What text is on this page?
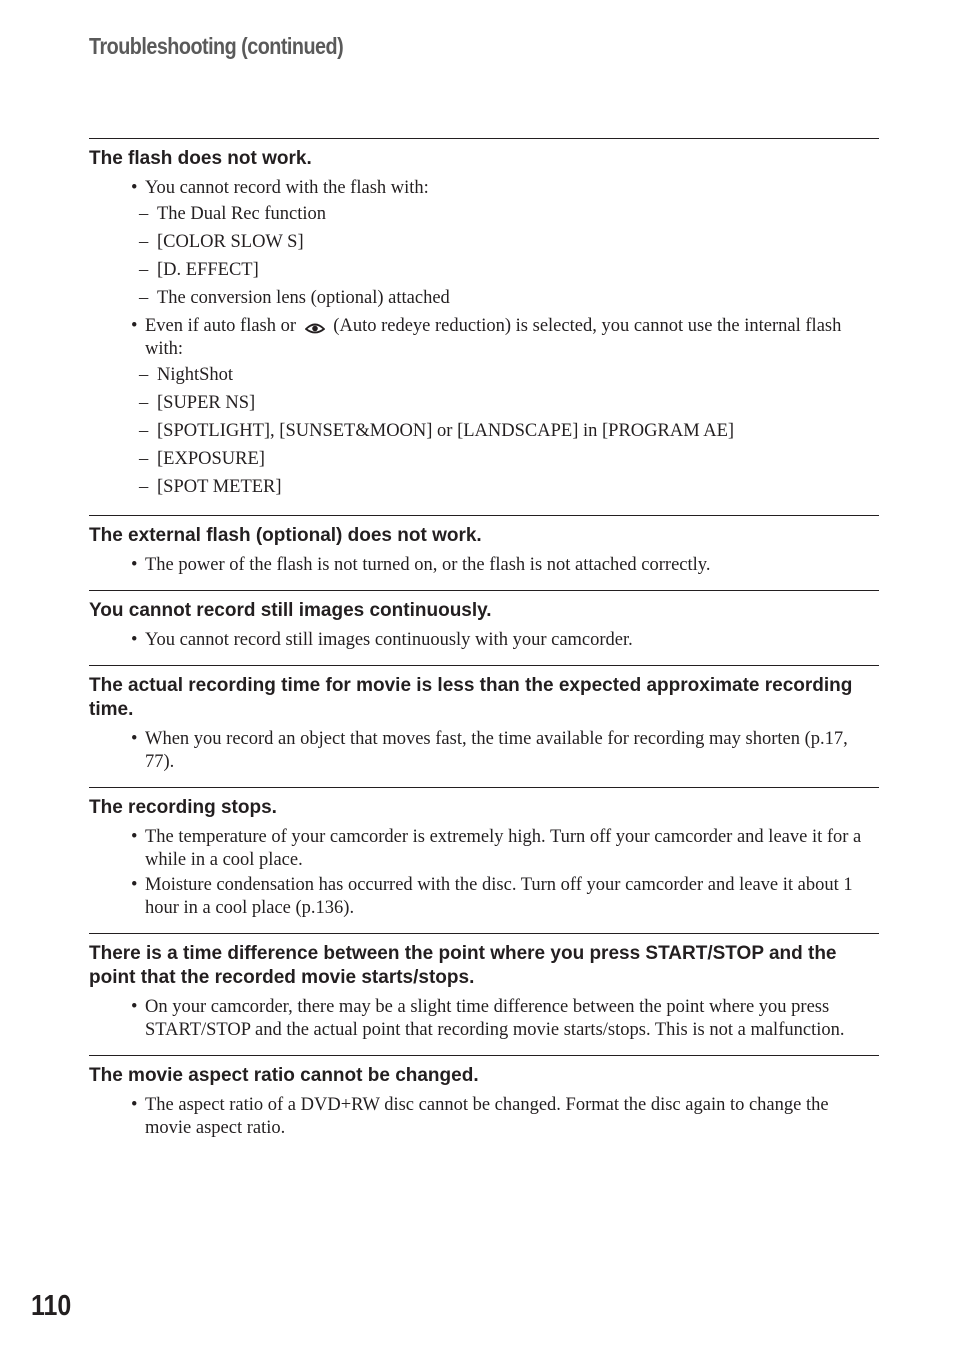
Troubleshooting (continued)
The flash does not work.
• You cannot record with the flash with:
– The Dual Rec function
– [COLOR SLOW S]
– [D. EFFECT]
– The conversion lens (optional) attached
• Even if auto flash or (Auto redeye reduction) is selected, you cannot use the internal flash with:
– NightShot
– [SUPER NS]
– [SPOTLIGHT], [SUNSET&MOON] or [LANDSCAPE] in [PROGRAM AE]
– [EXPOSURE]
– [SPOT METER]
The external flash (optional) does not work.
• The power of the flash is not turned on, or the flash is not attached correctly.
You cannot record still images continuously.
• You cannot record still images continuously with your camcorder.
The actual recording time for movie is less than the expected approximate recording time.
• When you record an object that moves fast, the time available for recording may shorten (p.17, 77).
The recording stops.
• The temperature of your camcorder is extremely high. Turn off your camcorder and leave it for a while in a cool place.
• Moisture condensation has occurred with the disc. Turn off your camcorder and leave it about 1 hour in a cool place (p.136).
There is a time difference between the point where you press START/STOP and the point that the recorded movie starts/stops.
• On your camcorder, there may be a slight time difference between the point where you press START/STOP and the actual point that recording movie starts/stops. This is not a malfunction.
The movie aspect ratio cannot be changed.
• The aspect ratio of a DVD+RW disc cannot be changed. Format the disc again to change the movie aspect ratio.
110
